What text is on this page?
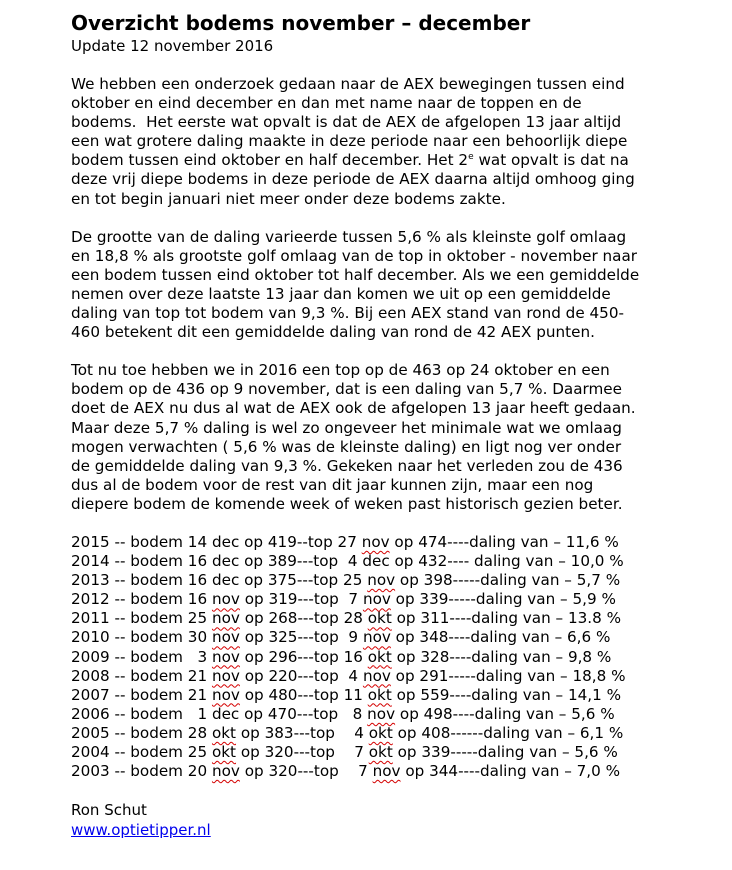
Overzicht bodems november – december
Update 12 november 2016
We hebben een onderzoek gedaan naar de AEX bewegingen tussen eind
oktober en eind december en dan met name naar de toppen en de
bodems.  Het eerste wat opvalt is dat de AEX de afgelopen 13 jaar altijd
een wat grotere daling maakte in deze periode naar een behoorlijk diepe
bodem tussen eind oktober en half december. Het 2e wat opvalt is dat na
deze vrij diepe bodems in deze periode de AEX daarna altijd omhoog ging
en tot begin januari niet meer onder deze bodems zakte.
De grootte van de daling varieerde tussen 5,6 % als kleinste golf omlaag
en 18,8 % als grootste golf omlaag van de top in oktober - november naar
een bodem tussen eind oktober tot half december. Als we een gemiddelde
nemen over deze laatste 13 jaar dan komen we uit op een gemiddelde
daling van top tot bodem van 9,3 %. Bij een AEX stand van rond de 450-
460 betekent dit een gemiddelde daling van rond de 42 AEX punten.
Tot nu toe hebben we in 2016 een top op de 463 op 24 oktober en een
bodem op de 436 op 9 november, dat is een daling van 5,7 %. Daarmee
doet de AEX nu dus al wat de AEX ook de afgelopen 13 jaar heeft gedaan.
Maar deze 5,7 % daling is wel zo ongeveer het minimale wat we omlaag
mogen verwachten ( 5,6 % was de kleinste daling) en ligt nog ver onder
de gemiddelde daling van 9,3 %. Gekeken naar het verleden zou de 436
dus al de bodem voor de rest van dit jaar kunnen zijn, maar een nog
diepere bodem de komende week of weken past historisch gezien beter.
2015 -- bodem 14 dec op 419--top 27 nov op 474----daling van – 11,6 %
2014 -- bodem 16 dec op 389---top  4 dec op 432---- daling van – 10,0 %
2013 -- bodem 16 dec op 375---top 25 nov op 398-----daling van – 5,7 %
2012 -- bodem 16 nov op 319---top  7 nov op 339-----daling van – 5,9 %
2011 -- bodem 25 nov op 268---top 28 okt op 311----daling van – 13.8 %
2010 -- bodem 30 nov op 325---top  9 nov op 348----daling van – 6,6 %
2009 -- bodem   3 nov op 296---top 16 okt op 328----daling van – 9,8 %
2008 -- bodem 21 nov op 220---top  4 nov op 291-----daling van – 18,8 %
2007 -- bodem 21 nov op 480---top 11 okt op 559----daling van – 14,1 %
2006 -- bodem   1 dec op 470---top   8 nov op 498----daling van – 5,6 %
2005 -- bodem 28 okt op 383---top    4 okt op 408------daling van – 6,1 %
2004 -- bodem 25 okt op 320---top    7 okt op 339-----daling van – 5,6 %
2003 -- bodem 20 nov op 320---top    7 nov op 344----daling van – 7,0 %
Ron Schut
www.optietipper.nl
